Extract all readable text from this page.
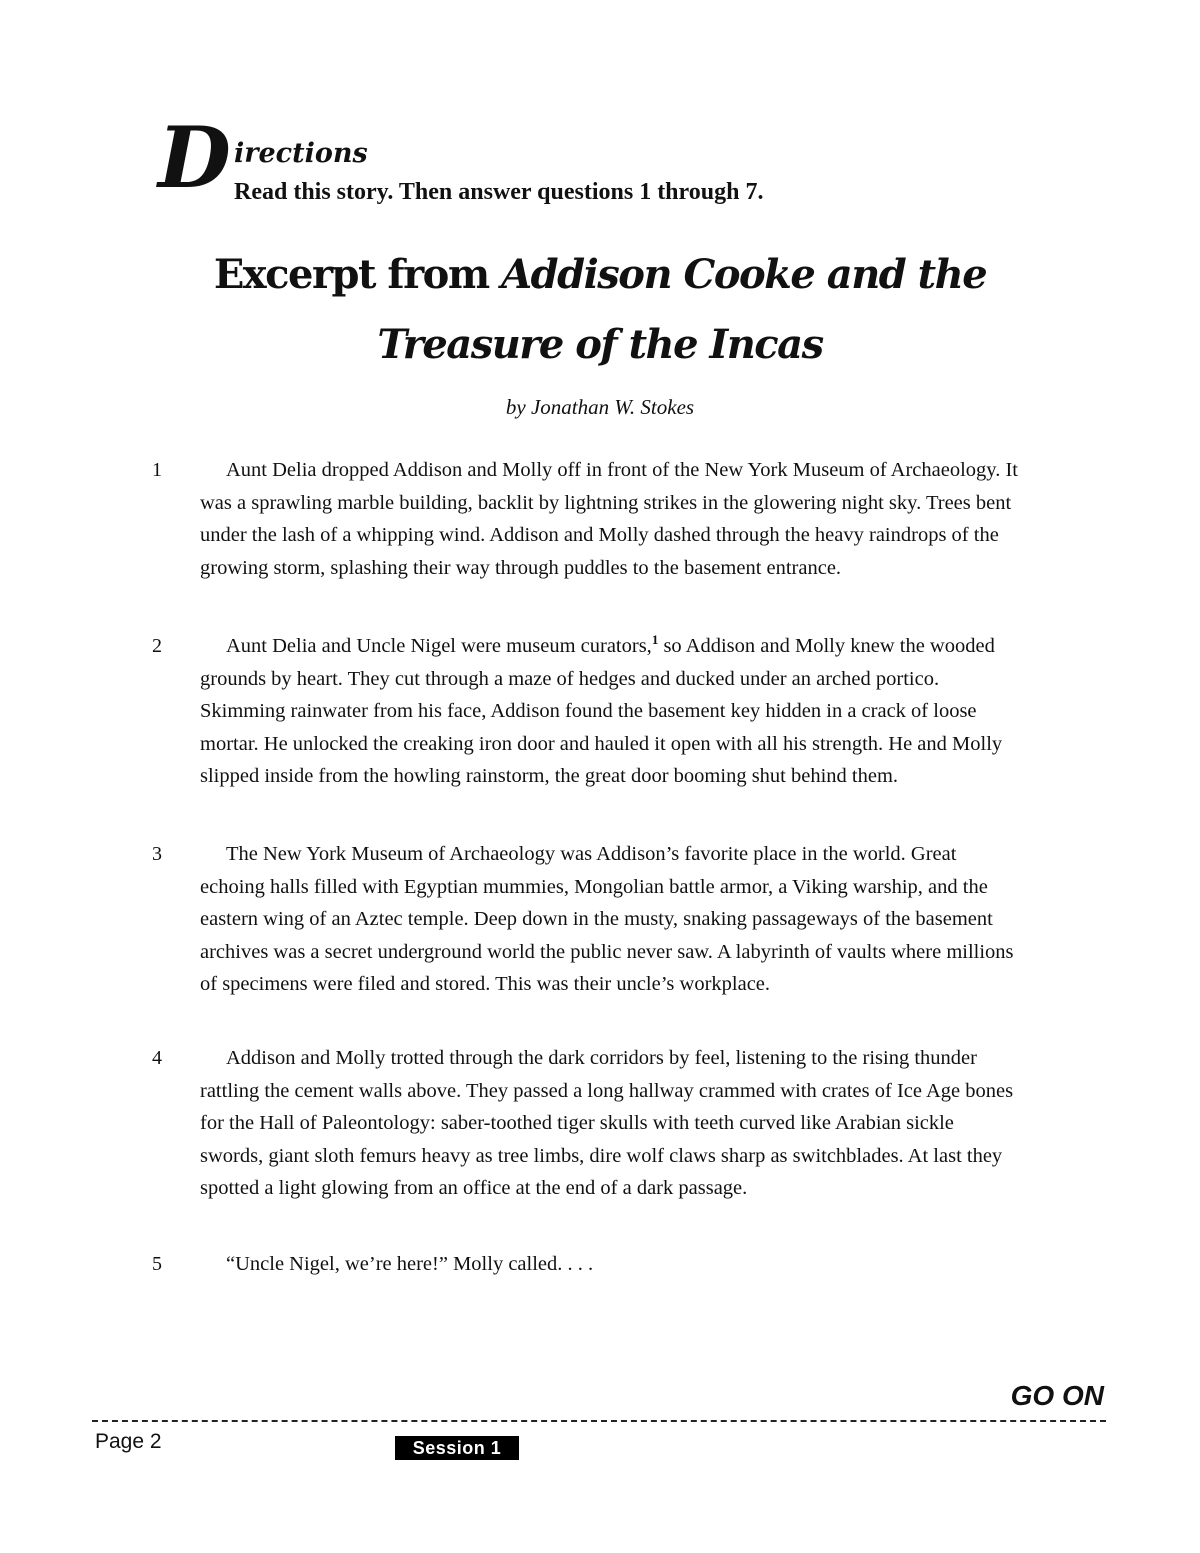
D irections
Read this story. Then answer questions 1 through 7.
Excerpt from Addison Cooke and the
Treasure of the Incas
by Jonathan W. Stokes
1	Aunt Delia dropped Addison and Molly off in front of the New York Museum of Archaeology. It was a sprawling marble building, backlit by lightning strikes in the glowering night sky. Trees bent under the lash of a whipping wind. Addison and Molly dashed through the heavy raindrops of the growing storm, splashing their way through puddles to the basement entrance.
2	Aunt Delia and Uncle Nigel were museum curators,$^1$ so Addison and Molly knew the wooded grounds by heart. They cut through a maze of hedges and ducked under an arched portico. Skimming rainwater from his face, Addison found the basement key hidden in a crack of loose mortar. He unlocked the creaking iron door and hauled it open with all his strength. He and Molly slipped inside from the howling rainstorm, the great door booming shut behind them.
3	The New York Museum of Archaeology was Addison’s favorite place in the world. Great echoing halls filled with Egyptian mummies, Mongolian battle armor, a Viking warship, and the eastern wing of an Aztec temple. Deep down in the musty, snaking passageways of the basement archives was a secret underground world the public never saw. A labyrinth of vaults where millions of specimens were filed and stored. This was their uncle’s workplace.
4	Addison and Molly trotted through the dark corridors by feel, listening to the rising thunder rattling the cement walls above. They passed a long hallway crammed with crates of Ice Age bones for the Hall of Paleontology: saber-toothed tiger skulls with teeth curved like Arabian sickle swords, giant sloth femurs heavy as tree limbs, dire wolf claws sharp as switchblades. At last they spotted a light glowing from an office at the end of a dark passage.
5	“Uncle Nigel, we’re here!” Molly called. . . .
GO ON
Page 2	Session 1
